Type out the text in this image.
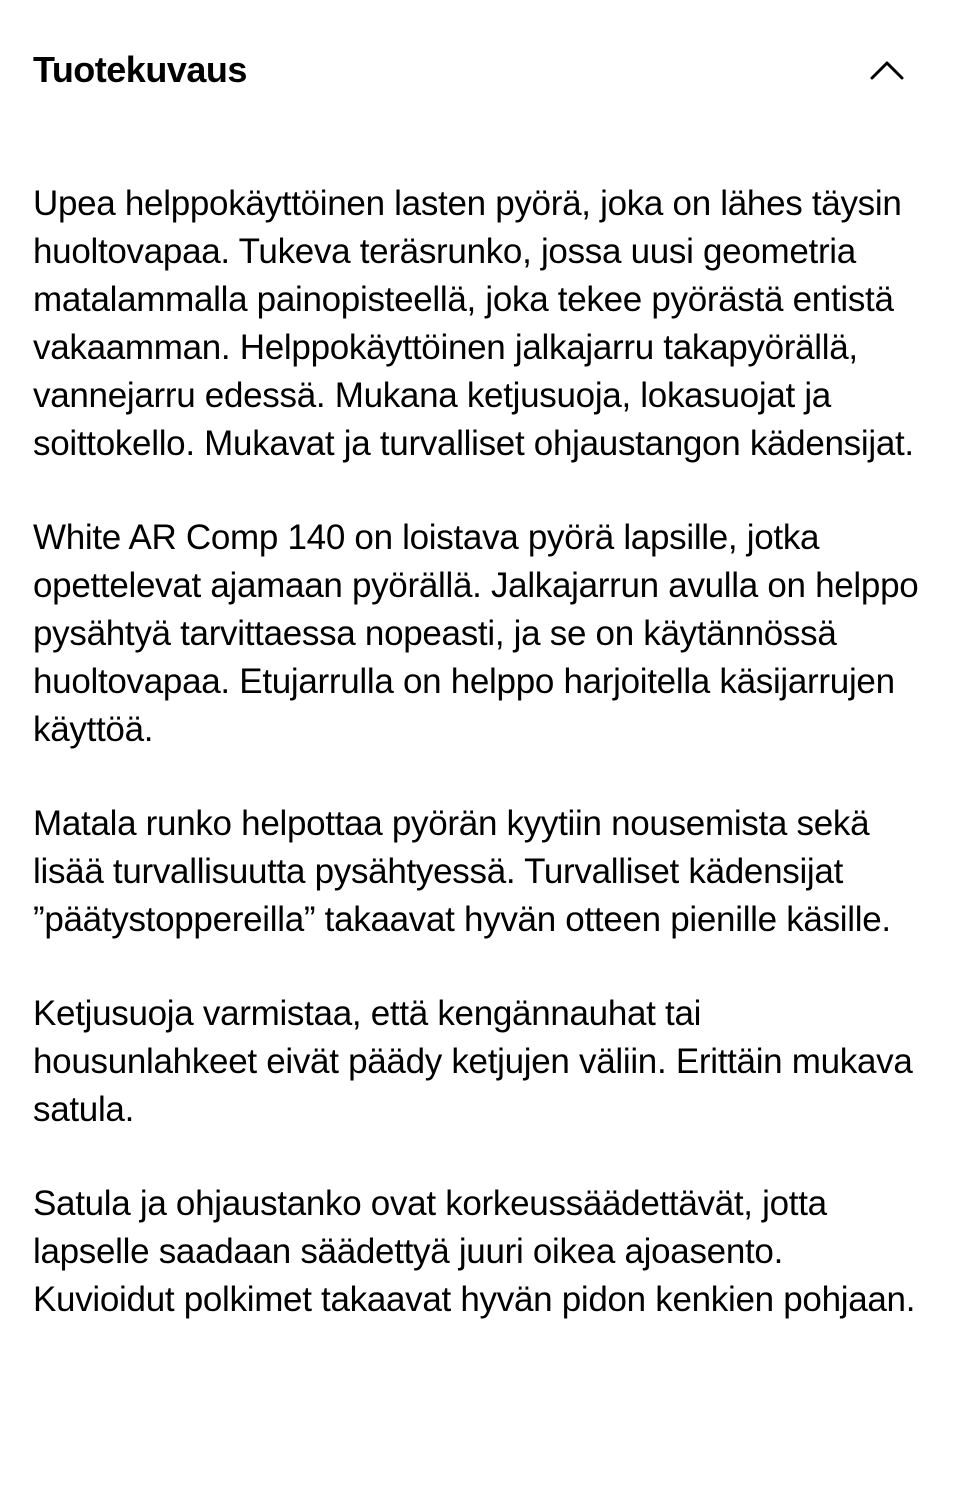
Tuotekuvaus

Upea helppokäyttöinen lasten pyörä, joka on lähes täysin huoltovapaa. Tukeva teräsrunko, jossa uusi geometria matalammalla painopisteellä, joka tekee pyörästä entistä vakaamman. Helppokäyttöinen jalkajarru takapyörällä, vannejarru edessä. Mukana ketjusuoja, lokasuojat ja soittokello. Mukavat ja turvalliset ohjaustangon kädensijat.

White AR Comp 140 on loistava pyörä lapsille, jotka opettelevat ajamaan pyörällä. Jalkajarrun avulla on helppo pysähtyä tarvittaessa nopeasti, ja se on käytännössä huoltovapaa. Etujarrulla on helppo harjoitella käsijarrujen käyttöä.

Matala runko helpottaa pyörän kyytiin nousemista sekä lisää turvallisuutta pysähtyessä. Turvalliset kädensijat ”päätystoppereilla” takaavat hyvän otteen pienille käsille.

Ketjusuoja varmistaa, että kengännauhat tai housunlahkeet eivät päädy ketjujen väliin. Erittäin mukava satula.

Satula ja ohjaustanko ovat korkeussäädettävät, jotta lapselle saadaan säädettyä juuri oikea ajoasento. Kuvioidut polkimet takaavat hyvän pidon kenkien pohjaan.
